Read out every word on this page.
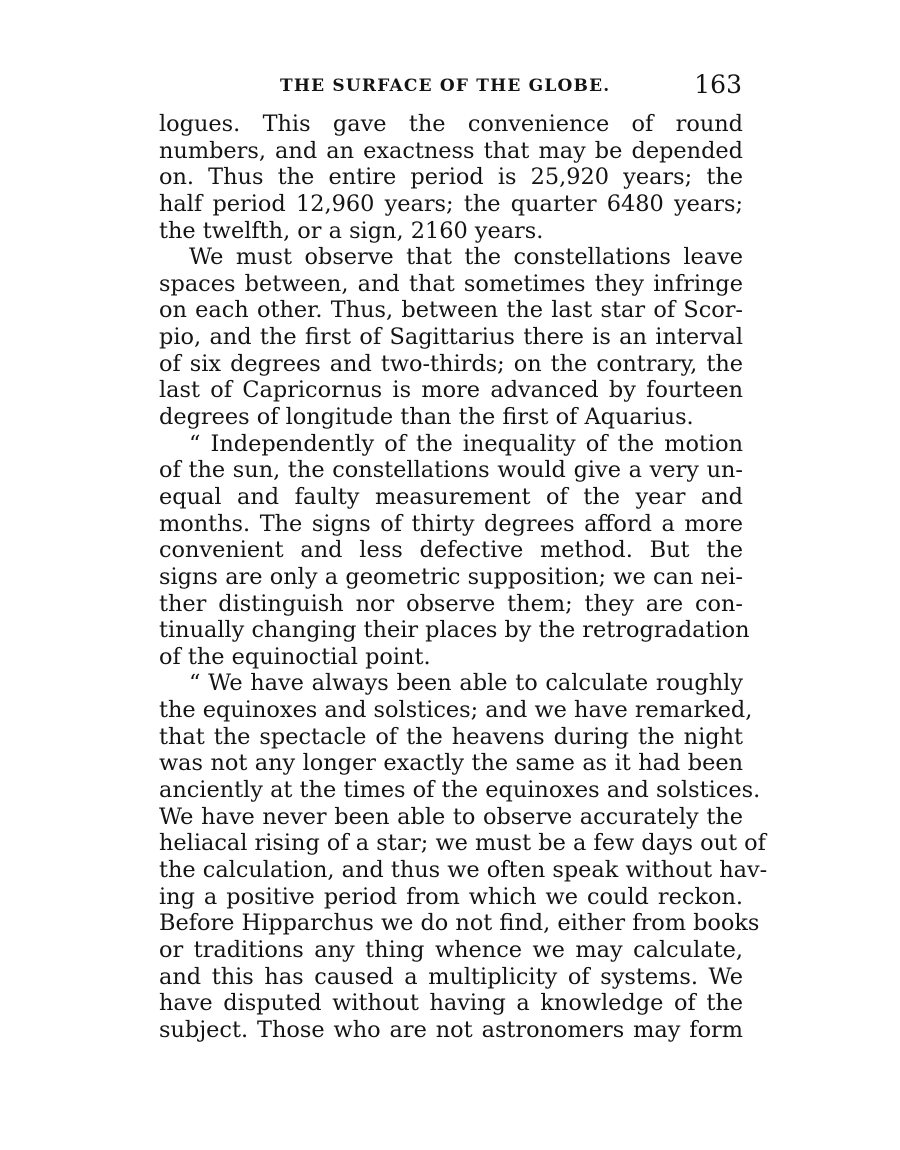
THE SURFACE OF THE GLOBE.	163
logues. This gave the convenience of round
numbers, and an exactness that may be depended
on. Thus the entire period is 25,920 years; the
half period 12,960 years; the quarter 6480 years;
the twelfth, or a sign, 2160 years.
We must observe that the constellations leave
spaces between, and that sometimes they infringe
on each other. Thus, between the last star of Scor-
pio, and the first of Sagittarius there is an interval
of six degrees and two-thirds; on the contrary, the
last of Capricornus is more advanced by fourteen
degrees of longitude than the first of Aquarius.
“ Independently of the inequality of the motion
of the sun, the constellations would give a very un-
equal and faulty measurement of the year and
months. The signs of thirty degrees afford a more
convenient and less defective method. But the
signs are only a geometric supposition; we can nei-
ther distinguish nor observe them; they are con-
tinually changing their places by the retrogradation
of the equinoctial point.
“ We have always been able to calculate roughly
the equinoxes and solstices; and we have remarked,
that the spectacle of the heavens during the night
was not any longer exactly the same as it had been
anciently at the times of the equinoxes and solstices.
We have never been able to observe accurately the
heliacal rising of a star; we must be a few days out of
the calculation, and thus we often speak without hav-
ing a positive period from which we could reckon.
Before Hipparchus we do not find, either from books
or traditions any thing whence we may calculate,
and this has caused a multiplicity of systems. We
have disputed without having a knowledge of the
subject. Those who are not astronomers may form
